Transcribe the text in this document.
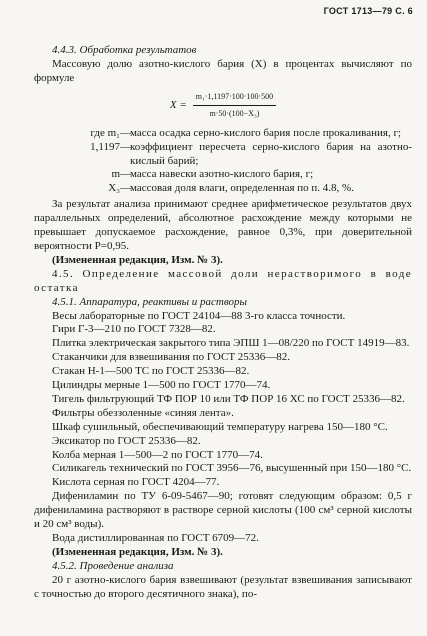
ГОСТ 1713—79 С. 6

4.4.3. Обработка результатов

Массовую долю азотно-кислого бария (X) в процентах вычисляют по формуле

$X = \frac{\text{m₁·1,1197·100·100·500}}{\text{m·50·(100−X₃)}}$
где m₁ — масса осадка серно-кислого бария после прокаливания, г;
1,1197 — коэффициент пересчета серно-кислого бария на азотно-кислый барий;
m — масса навески азотно-кислого бария, г;
X₃ — массовая доля влаги, определенная по п. 4.8, %.

За результат анализа принимают среднее арифметическое результатов двух параллельных определений, абсолютное расхождение между которыми не превышает допускаемое расхождение, равное 0,3%, при доверительной вероятности P=0,95.

(Измененная редакция, Изм. № 3).

4.5. Определение массовой доли нерастворимого в воде остатка

4.5.1. Аппаратура, реактивы и растворы

Весы лабораторные по ГОСТ 24104—88 3-го класса точности.

Гири Г-3—210 по ГОСТ 7328—82.

Плитка электрическая закрытого типа ЭПШ 1—08/220 по ГОСТ 14919—83.

Стаканчики для взвешивания по ГОСТ 25336—82.

Стакан Н-1—500 ТС по ГОСТ 25336—82.

Цилиндры мерные 1—500 по ГОСТ 1770—74.

Тигель фильтрующий ТФ ПОР 10 или ТФ ПОР 16 ХС по ГОСТ 25336—82.

Фильтры обеззоленные «синяя лента».

Шкаф сушильный, обеспечивающий температуру нагрева 150—180 °С.

Эксикатор по ГОСТ 25336—82.

Колба мерная 1—500—2 по ГОСТ 1770—74.

Силикагель технический по ГОСТ 3956—76, высушенный при 150—180 °С.

Кислота серная по ГОСТ 4204—77.

Дифениламин по ТУ 6-09-5467—90; готовят следующим образом: 0,5 г дифениламина растворяют в растворе серной кислоты (100 см³ серной кислоты и 20 см³ воды).

Вода дистиллированная по ГОСТ 6709—72.

(Измененная редакция, Изм. № 3).

4.5.2. Проведение анализа

20 г азотно-кислого бария взвешивают (результат взвешивания записывают с точностью до второго десятичного знака), по-
